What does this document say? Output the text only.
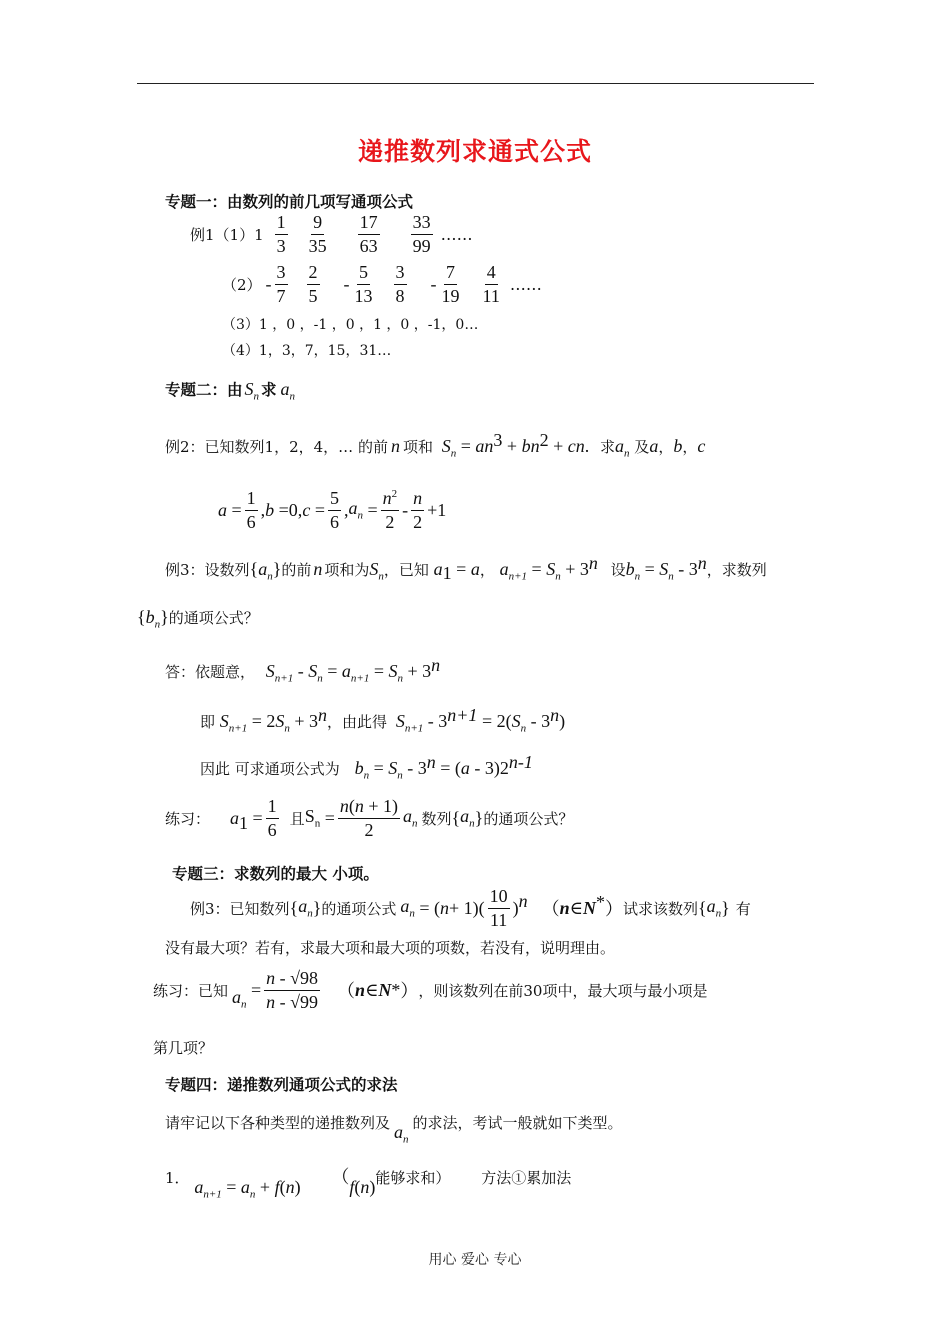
递推数列求通式公式
专题一：由数列的前几项写通项公式
例$1(1)1 \frac{1}{3} \frac{9}{35} \frac{17}{63} \frac{33}{99}$ … …
$(2) - \frac{3}{7} \frac{2}{5} - \frac{5}{13} \frac{3}{8} - \frac{7}{19} \frac{4}{11}$ ……
（3）1 ，0 ，-1 ，0 ，1 ，0 ，-1，0…
（4）1，3，7，15，31…
专题二：由 $S_n$ 求 $a_n$
例2：已知数列1，2，4，… 的前 n 项和 $S_n = an^3 + bn^2$ + cn. 求$a_n$ 及a，b，c
$a = \frac{1}{6}$ , b =0, $c = \frac{5}{6}$ , $a_n = \frac{n^2}{2} - \frac{n}{2} +1$
例3：设数列$\{a_n\}$的前 n 项和为$S_n$，已知 $a_1 = a$， $a_{n+1} = S_n + 3^n$ 设$b_n = S_n - 3^n$，求数列
$\{b_n\}$的通项公式？
答：依题意， $S_{n+1} - S_n = a_{n+1} = S_n + 3^n$
即 $S_{n+1} = 2S_n + 3^n$，由此得 $S_{n+1} - 3^{n+1} = 2(S_n - 3^n)$
因此 可求通项公式为 $b_n = S_n - 3^n = (a - 3)2^{n-1}$
练习： a $1 = \frac{1}{6}$ 且 $S_n = \frac{n(n + 1)}{2} a_n$ 数列 { $a_n$ } 的通项公式？
专题三：求数列的最大 小项。
例3：已知数列 { $a_n$ } 的通项公式 $a_n$ = ( $n + 1)( \frac{10}{11}$ ) n （ n ∈ N * ） 试求该数列 { $a_n$ } 有
没有最大项？若有，求最大项和最大项的项数，若没有，说明理由。
练习：已知 $a_n$
= $\frac{n - √98}{n - √99}$ （ n ∈ N * ） ，则该数列在前30项中，最大项与最小项是
第几项？
专题四：递推数列通项公式的求法
请牢记以下各种类型的递推数列及 $a_n$的求法，考试一般就如下类型。
1． $a_{n+1} = a_n + f(n)$ （f(n)能够求和） 方法①累加法
用心 爱心 专心
